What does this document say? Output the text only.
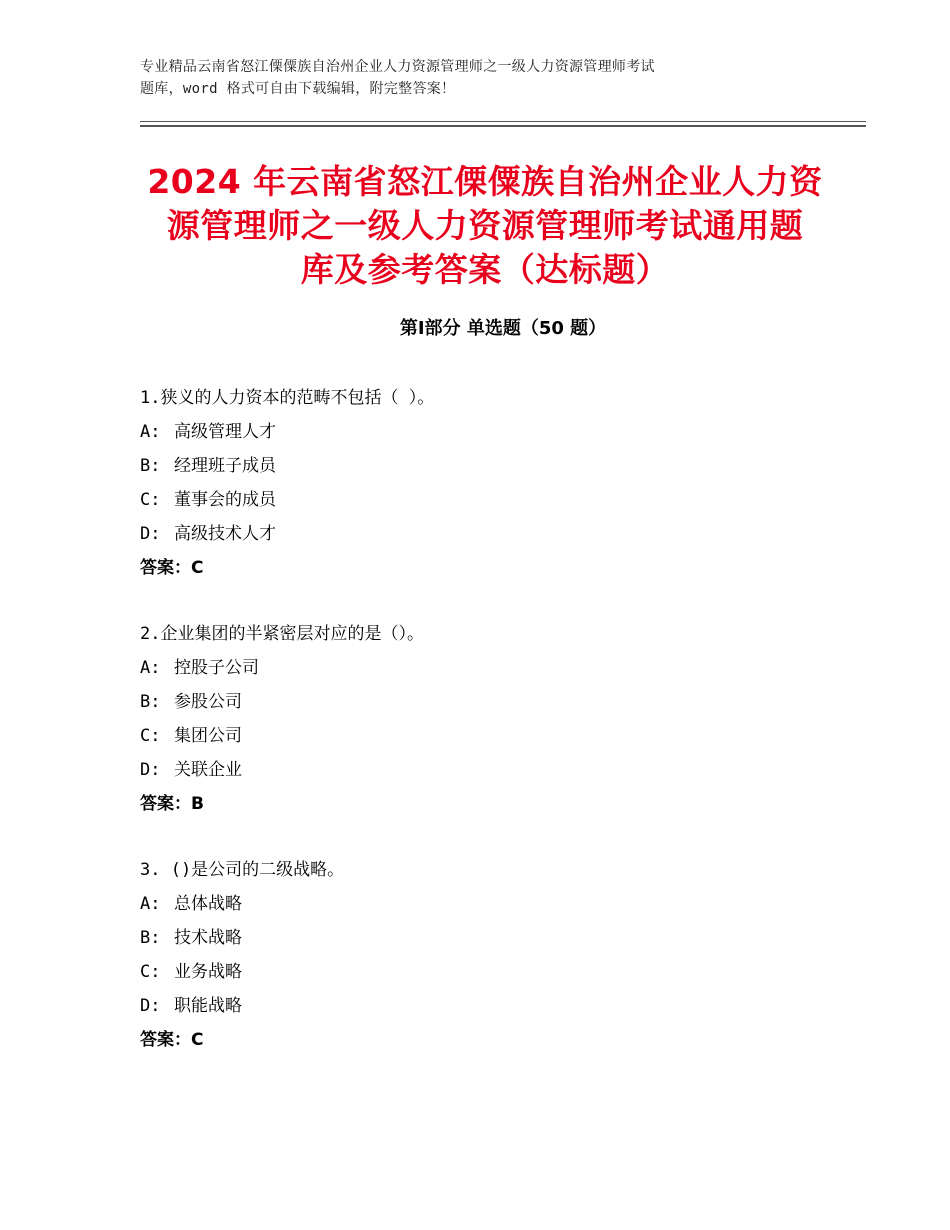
专业精品云南省怒江傈僳族自治州企业人力资源管理师之一级人力资源管理师考试
题库，word 格式可自由下载编辑，附完整答案！
2024 年云南省怒江傈僳族自治州企业人力资
源管理师之一级人力资源管理师考试通用题
库及参考答案（达标题）
第Ⅰ部分 单选题（50 题）
1.狭义的人力资本的范畴不包括（ ）。
A: 高级管理人才
B: 经理班子成员
C: 董事会的成员
D: 高级技术人才
答案：C
2.企业集团的半紧密层对应的是（）。
A: 控股子公司
B: 参股公司
C: 集团公司
D: 关联企业
答案：B
3. ()是公司的二级战略。
A: 总体战略
B: 技术战略
C: 业务战略
D: 职能战略
答案：C
